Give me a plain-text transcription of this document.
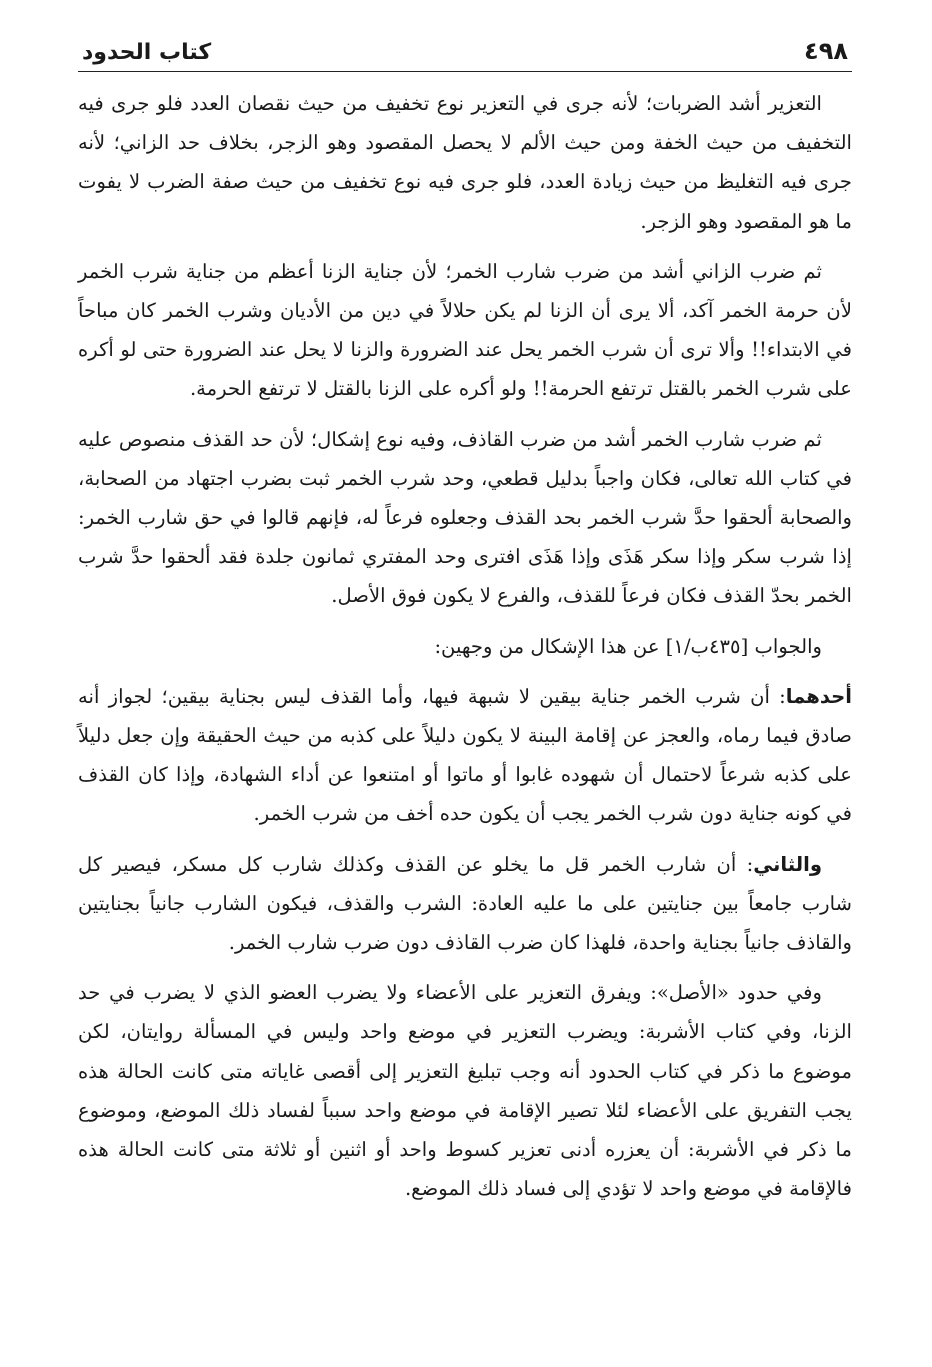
٤٩٨
كتاب الحدود

التعزير أشد الضربات؛ لأنه جرى في التعزير نوع تخفيف من حيث نقصان العدد فلو جرى فيه التخفيف من حيث الخفة ومن حيث الألم لا يحصل المقصود وهو الزجر، بخلاف حد الزاني؛ لأنه جرى فيه التغليظ من حيث زيادة العدد، فلو جرى فيه نوع تخفيف من حيث صفة الضرب لا يفوت ما هو المقصود وهو الزجر.

ثم ضرب الزاني أشد من ضرب شارب الخمر؛ لأن جناية الزنا أعظم من جناية شرب الخمر لأن حرمة الخمر آكد، ألا يرى أن الزنا لم يكن حلالاً في دين من الأديان وشرب الخمر كان مباحاً في الابتداء!! وألا ترى أن شرب الخمر يحل عند الضرورة والزنا لا يحل عند الضرورة حتى لو أكره على شرب الخمر بالقتل ترتفع الحرمة!! ولو أكره على الزنا بالقتل لا ترتفع الحرمة.

ثم ضرب شارب الخمر أشد من ضرب القاذف، وفيه نوع إشكال؛ لأن حد القذف منصوص عليه في كتاب الله تعالى، فكان واجباً بدليل قطعي، وحد شرب الخمر ثبت بضرب اجتهاد من الصحابة، والصحابة ألحقوا حدَّ شرب الخمر بحد القذف وجعلوه فرعاً له، فإنهم قالوا في حق شارب الخمر: إذا شرب سكر وإذا سكر هَذَى وإذا هَذَى افترى وحد المفتري ثمانون جلدة فقد ألحقوا حدَّ شرب الخمر بحدّ القذف فكان فرعاً للقذف، والفرع لا يكون فوق الأصل.

والجواب [٤٣٥ب/١] عن هذا الإشكال من وجهين:

أحدهما: أن شرب الخمر جناية بيقين لا شبهة فيها، وأما القذف ليس بجناية بيقين؛ لجواز أنه صادق فيما رماه، والعجز عن إقامة البينة لا يكون دليلاً على كذبه من حيث الحقيقة وإن جعل دليلاً على كذبه شرعاً لاحتمال أن شهوده غابوا أو ماتوا أو امتنعوا عن أداء الشهادة، وإذا كان القذف في كونه جناية دون شرب الخمر يجب أن يكون حده أخف من شرب الخمر.

والثاني: أن شارب الخمر قل ما يخلو عن القذف وكذلك شارب كل مسكر، فيصير كل شارب جامعاً بين جنايتين على ما عليه العادة: الشرب والقذف، فيكون الشارب جانياً بجنايتين والقاذف جانياً بجناية واحدة، فلهذا كان ضرب القاذف دون ضرب شارب الخمر.

وفي حدود «الأصل»: ويفرق التعزير على الأعضاء ولا يضرب العضو الذي لا يضرب في حد الزنا، وفي كتاب الأشربة: ويضرب التعزير في موضع واحد وليس في المسألة روايتان، لكن موضوع ما ذكر في كتاب الحدود أنه وجب تبليغ التعزير إلى أقصى غاياته متى كانت الحالة هذه يجب التفريق على الأعضاء لئلا تصير الإقامة في موضع واحد سبباً لفساد ذلك الموضع، وموضوع ما ذكر في الأشربة: أن يعزره أدنى تعزير كسوط واحد أو اثنين أو ثلاثة متى كانت الحالة هذه فالإقامة في موضع واحد لا تؤدي إلى فساد ذلك الموضع.
